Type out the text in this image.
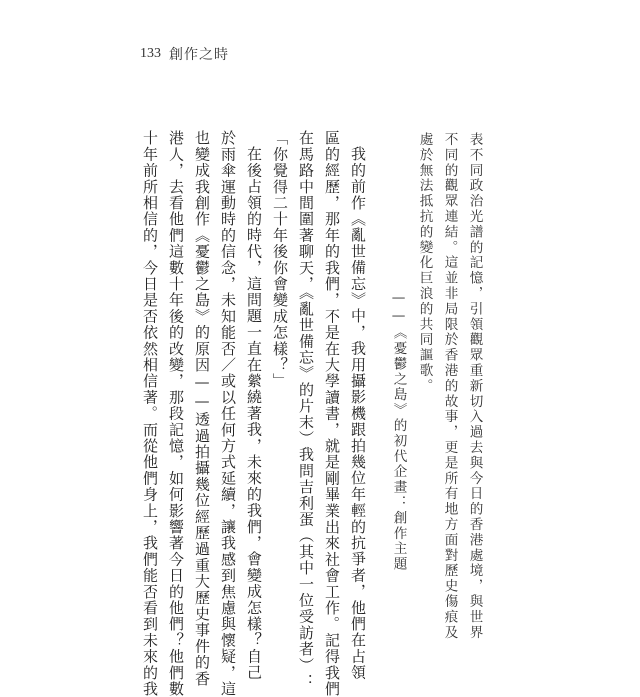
133 創作之時
表不同政治光譜的記憶，引領觀眾重新切入過去與今日的香港處境，與世界
不同的觀眾連結。這並非局限於香港的故事，更是所有地方面對歷史傷痕及
處於無法抵抗的變化巨浪的共同謳歌。
——《憂鬱之島》的初代企畫：創作主題
我的前作《亂世備忘》中，我用攝影機跟拍幾位年輕的抗爭者，他們在占領
區的經歷，那年的我們，不是在大學讀書，就是剛畢業出來社會工作。記得我們
在馬路中間圍著聊天，《亂世備忘》的片末）我問吉利蛋（其中一位受訪者）：
「你覺得二十年後你會變成怎樣？」
在後占領的時代，這問題一直在縈繞著我，未來的我們，會變成怎樣？自己
於雨傘運動時的信念，未知能否／或以任何方式延續，讓我感到焦慮與懷疑，這
也變成我創作《憂鬱之島》的原因——透過拍攝幾位經歷過重大歷史事件的香
港人，去看他們這數十年後的改變，那段記憶，如何影響著今日的他們？他們數
十年前所相信的，今日是否依然相信著。而從他們身上，我們能否看到未來的我
